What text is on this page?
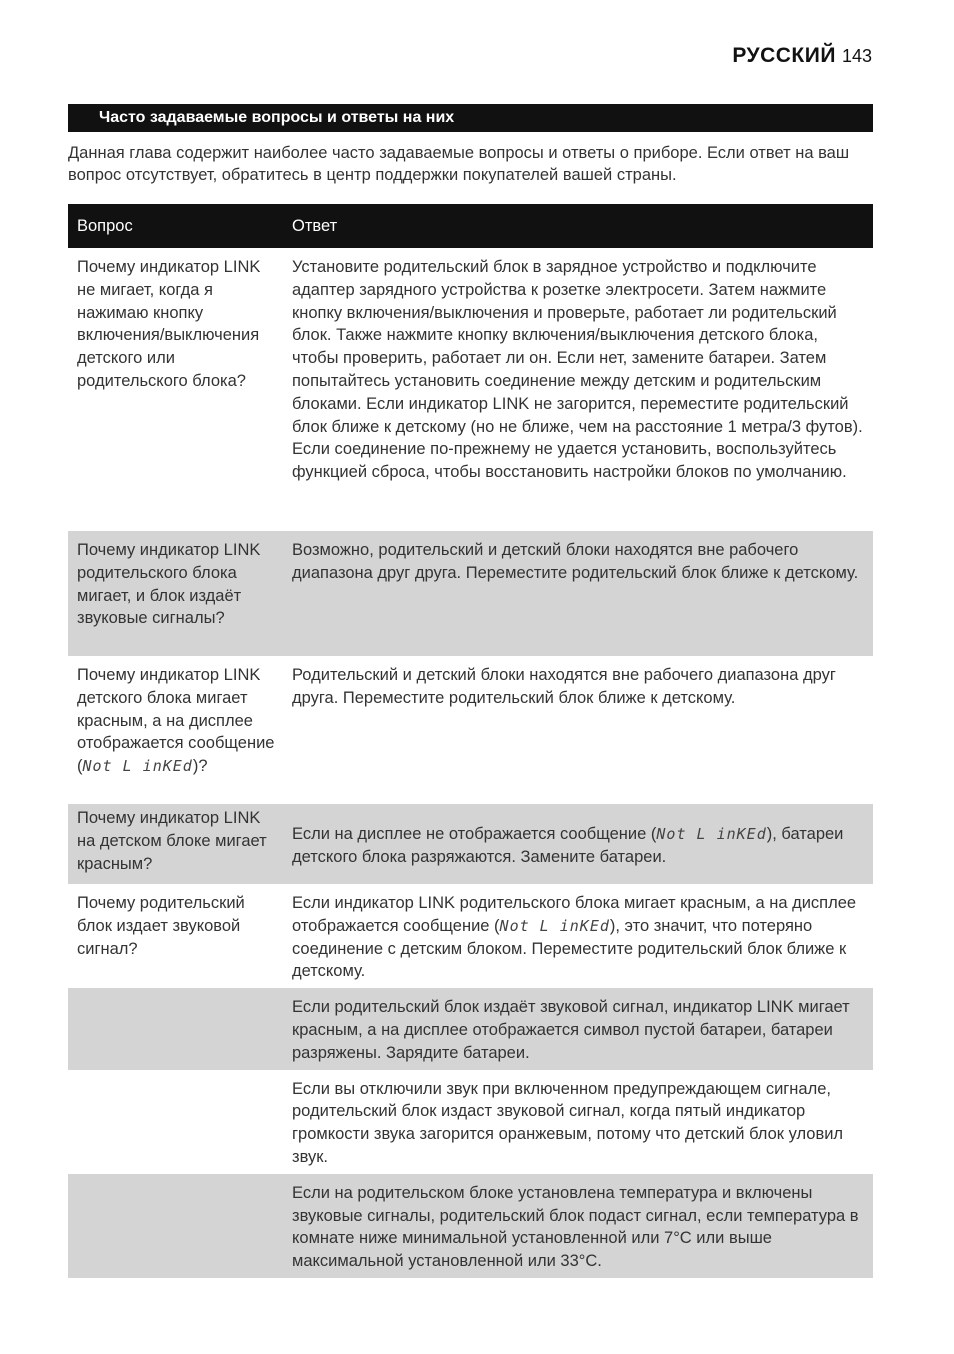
РУССКИЙ 143
Часто задаваемые вопросы и ответы на них

Данная глава содержит наиболее часто задаваемые вопросы и ответы о приборе. Если ответ на ваш вопрос отсутствует, обратитесь в центр поддержки покупателей вашей страны.

Вопрос	Ответ
Почему индикатор LINK не мигает, когда я нажимаю кнопку включения/выключения детского или родительского блока?	Установите родительский блок в зарядное устройство и подключите адаптер зарядного устройства к розетке электросети. Затем нажмите кнопку включения/выключения и проверьте, работает ли родительский блок. Также нажмите кнопку включения/выключения детского блока, чтобы проверить, работает ли он. Если нет, замените батареи. Затем попытайтесь установить соединение между детским и родительским блоками. Если индикатор LINK не загорится, переместите родительский блок ближе к детскому (но не ближе, чем на расстояние 1 метра/3 футов). Если соединение по-прежнему не удается установить, воспользуйтесь функцией сброса, чтобы восстановить настройки блоков по умолчанию.
Почему индикатор LINK родительского блока мигает, и блок издаёт звуковые сигналы?	Возможно, родительский и детский блоки находятся вне рабочего диапазона друг друга. Переместите родительский блок ближе к детскому.
Почему индикатор LINK детского блока мигает красным, а на дисплее отображается сообщение (Not L inKEd)?	Родительский и детский блоки находятся вне рабочего диапазона друг друга. Переместите родительский блок ближе к детскому.
Почему индикатор LINK на детском блоке мигает красным?	Если на дисплее не отображается сообщение (Not L inKEd), батареи детского блока разряжаются. Замените батареи.
Почему родительский блок издает звуковой сигнал?	Если индикатор LINK родительского блока мигает красным, а на дисплее отображается сообщение (Not L inKEd), это значит, что потеряно соединение с детским блоком. Переместите родительский блок ближе к детскому.
	Если родительский блок издаёт звуковой сигнал, индикатор LINK мигает красным, а на дисплее отображается символ пустой батареи, батареи разряжены. Зарядите батареи.
	Если вы отключили звук при включенном предупреждающем сигнале, родительский блок издаст звуковой сигнал, когда пятый индикатор громкости звука загорится оранжевым, потому что детский блок уловил звук.
	Если на родительском блоке установлена температура и включены звуковые сигналы, родительский блок подаст сигнал, если температура в комнате ниже минимальной установленной или 7°C или выше максимальной установленной или 33°C.
